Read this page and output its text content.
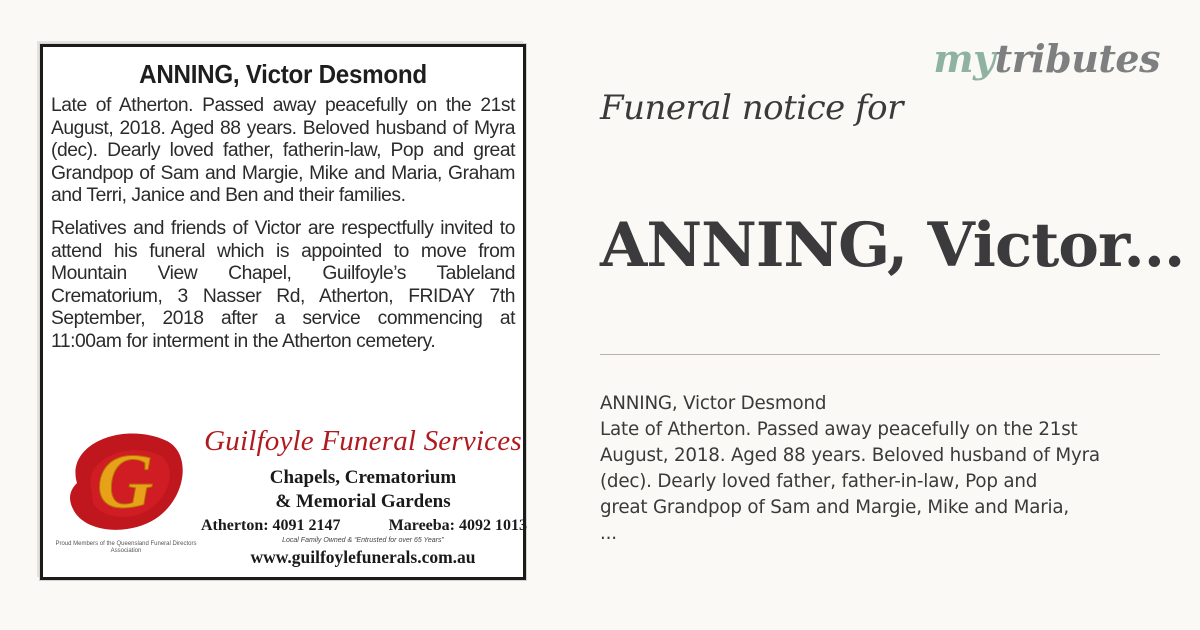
ANNING, Victor Desmond

Late of Atherton. Passed away peacefully on the 21st August, 2018. Aged 88 years. Beloved husband of Myra (dec). Dearly loved father, fatherin-law, Pop and great Grandpop of Sam and Margie, Mike and Maria, Graham and Terri, Janice and Ben and their families.

Relatives and friends of Victor are respectfully invited to attend his funeral which is appointed to move from Mountain View Chapel, Guilfoyle’s Tableland Crematorium, 3 Nasser Rd, Atherton, FRIDAY 7th September, 2018 after a service commencing at 11:00am for interment in the Atherton cemetery.

G
Proud Members of the Queensland Funeral Directors Association
Guilfoyle Funeral Services
Chapels, Crematorium
& Memorial Gardens
Atherton: 4091 2147	Mareeba: 4092 1013
Local Family Owned & “Entrusted for over 65 Years”
www.guilfoylefunerals.com.au
mytributes
Funeral notice for
ANNING, Victor...
ANNING, Victor Desmond
Late of Atherton. Passed away peacefully on the 21st
August, 2018. Aged 88 years. Beloved husband of Myra
(dec). Dearly loved father, father-in-law, Pop and
great Grandpop of Sam and Margie, Mike and Maria,
...
